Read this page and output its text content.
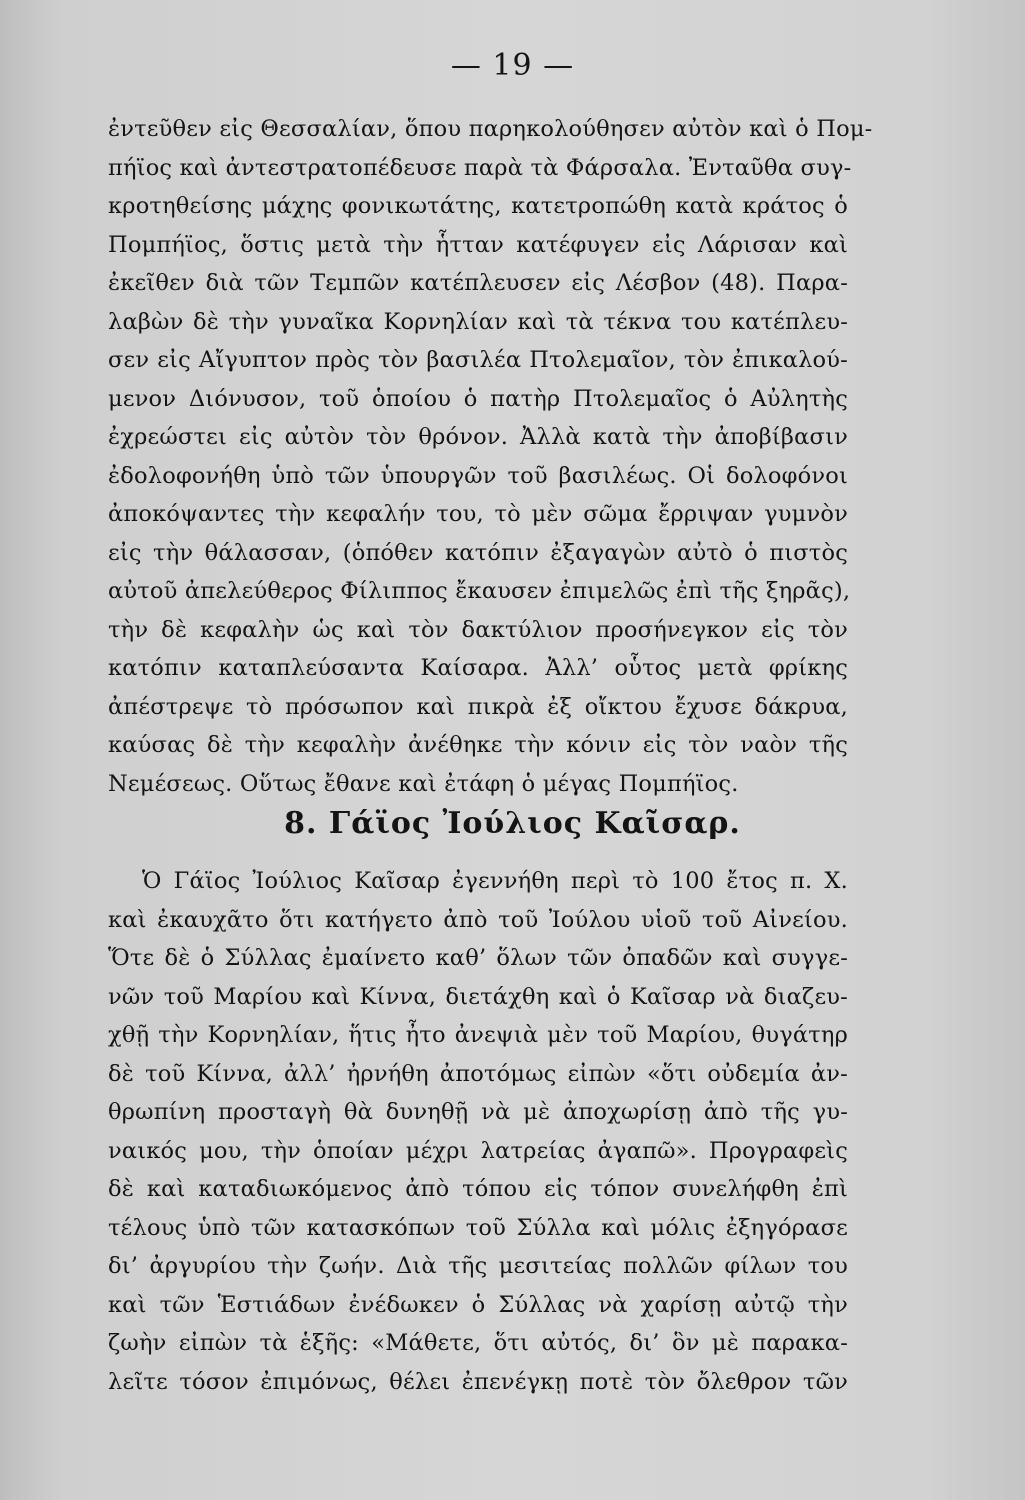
— 19 —
ἐντεῦθεν εἰς Θεσσαλίαν, ὅπου παρηκολούθησεν αὐτὸν καὶ ὁ Πομ-
πήϊος καὶ ἀντεστρατοπέδευσε παρὰ τὰ Φάρσαλα. Ἐνταῦθα συγ-
κροτηθείσης μάχης φονικωτάτης, κατετροπώθη κατὰ κράτος ὁ
Πομπήϊος, ὅστις μετὰ τὴν ἧτταν κατέφυγεν εἰς Λάρισαν καὶ
ἐκεῖθεν διὰ τῶν Τεμπῶν κατέπλευσεν εἰς Λέσβον (48). Παρα-
λαβὼν δὲ τὴν γυναῖκα Κορνηλίαν καὶ τὰ τέκνα του κατέπλευ-
σεν εἰς Αἴγυπτον πρὸς τὸν βασιλέα Πτολεμαῖον, τὸν ἐπικαλού-
μενον Διόνυσον, τοῦ ὁποίου ὁ πατὴρ Πτολεμαῖος ὁ Αὐλητὴς
ἐχρεώστει εἰς αὐτὸν τὸν θρόνον. Ἀλλὰ κατὰ τὴν ἀποβίβασιν
ἐδολοφονήθη ὑπὸ τῶν ὑπουργῶν τοῦ βασιλέως. Οἱ δολοφόνοι
ἀποκόψαντες τὴν κεφαλήν του, τὸ μὲν σῶμα ἔρριψαν γυμνὸν
εἰς τὴν θάλασσαν, (ὁπόθεν κατόπιν ἐξαγαγὼν αὐτὸ ὁ πιστὸς
αὐτοῦ ἀπελεύθερος Φίλιππος ἔκαυσεν ἐπιμελῶς ἐπὶ τῆς ξηρᾶς),
τὴν δὲ κεφαλὴν ὡς καὶ τὸν δακτύλιον προσήνεγκον εἰς τὸν
κατόπιν καταπλεύσαντα Καίσαρα. Ἀλλ’ οὗτος μετὰ φρίκης
ἀπέστρεψε τὸ πρόσωπον καὶ πικρὰ ἐξ οἴκτου ἔχυσε δάκρυα,
καύσας δὲ τὴν κεφαλὴν ἀνέθηκε τὴν κόνιν εἰς τὸν ναὸν τῆς
Νεμέσεως. Οὕτως ἔθανε καὶ ἐτάφη ὁ μέγας Πομπήϊος.
8. Γάϊος Ἰούλιος Καῖσαρ.
Ὁ Γάϊος Ἰούλιος Καῖσαρ ἐγεννήθη περὶ τὸ 100 ἔτος π. Χ.
καὶ ἐκαυχᾶτο ὅτι κατήγετο ἀπὸ τοῦ Ἰούλου υἱοῦ τοῦ Αἰνείου.
Ὅτε δὲ ὁ Σύλλας ἐμαίνετο καθ’ ὅλων τῶν ὀπαδῶν καὶ συγγε-
νῶν τοῦ Μαρίου καὶ Κίννα, διετάχθη καὶ ὁ Καῖσαρ νὰ διαζευ-
χθῇ τὴν Κορνηλίαν, ἥτις ἦτο ἀνεψιὰ μὲν τοῦ Μαρίου, θυγάτηρ
δὲ τοῦ Κίννα, ἀλλ’ ἠρνήθη ἀποτόμως εἰπὼν «ὅτι οὐδεμία ἀν-
θρωπίνη προσταγὴ θὰ δυνηθῇ νὰ μὲ ἀποχωρίσῃ ἀπὸ τῆς γυ-
ναικός μου, τὴν ὁποίαν μέχρι λατρείας ἀγαπῶ». Προγραφεὶς
δὲ καὶ καταδιωκόμενος ἀπὸ τόπου εἰς τόπον συνελήφθη ἐπὶ
τέλους ὑπὸ τῶν κατασκόπων τοῦ Σύλλα καὶ μόλις ἐξηγόρασε
δι’ ἀργυρίου τὴν ζωήν. Διὰ τῆς μεσιτείας πολλῶν φίλων του
καὶ τῶν Ἑστιάδων ἐνέδωκεν ὁ Σύλλας νὰ χαρίσῃ αὐτῷ τὴν
ζωὴν εἰπὼν τὰ ἑξῆς: «Μάθετε, ὅτι αὐτός, δι’ ὃν μὲ παρακα-
λεῖτε τόσον ἐπιμόνως, θέλει ἐπενέγκῃ ποτὲ τὸν ὄλεθρον τῶν
